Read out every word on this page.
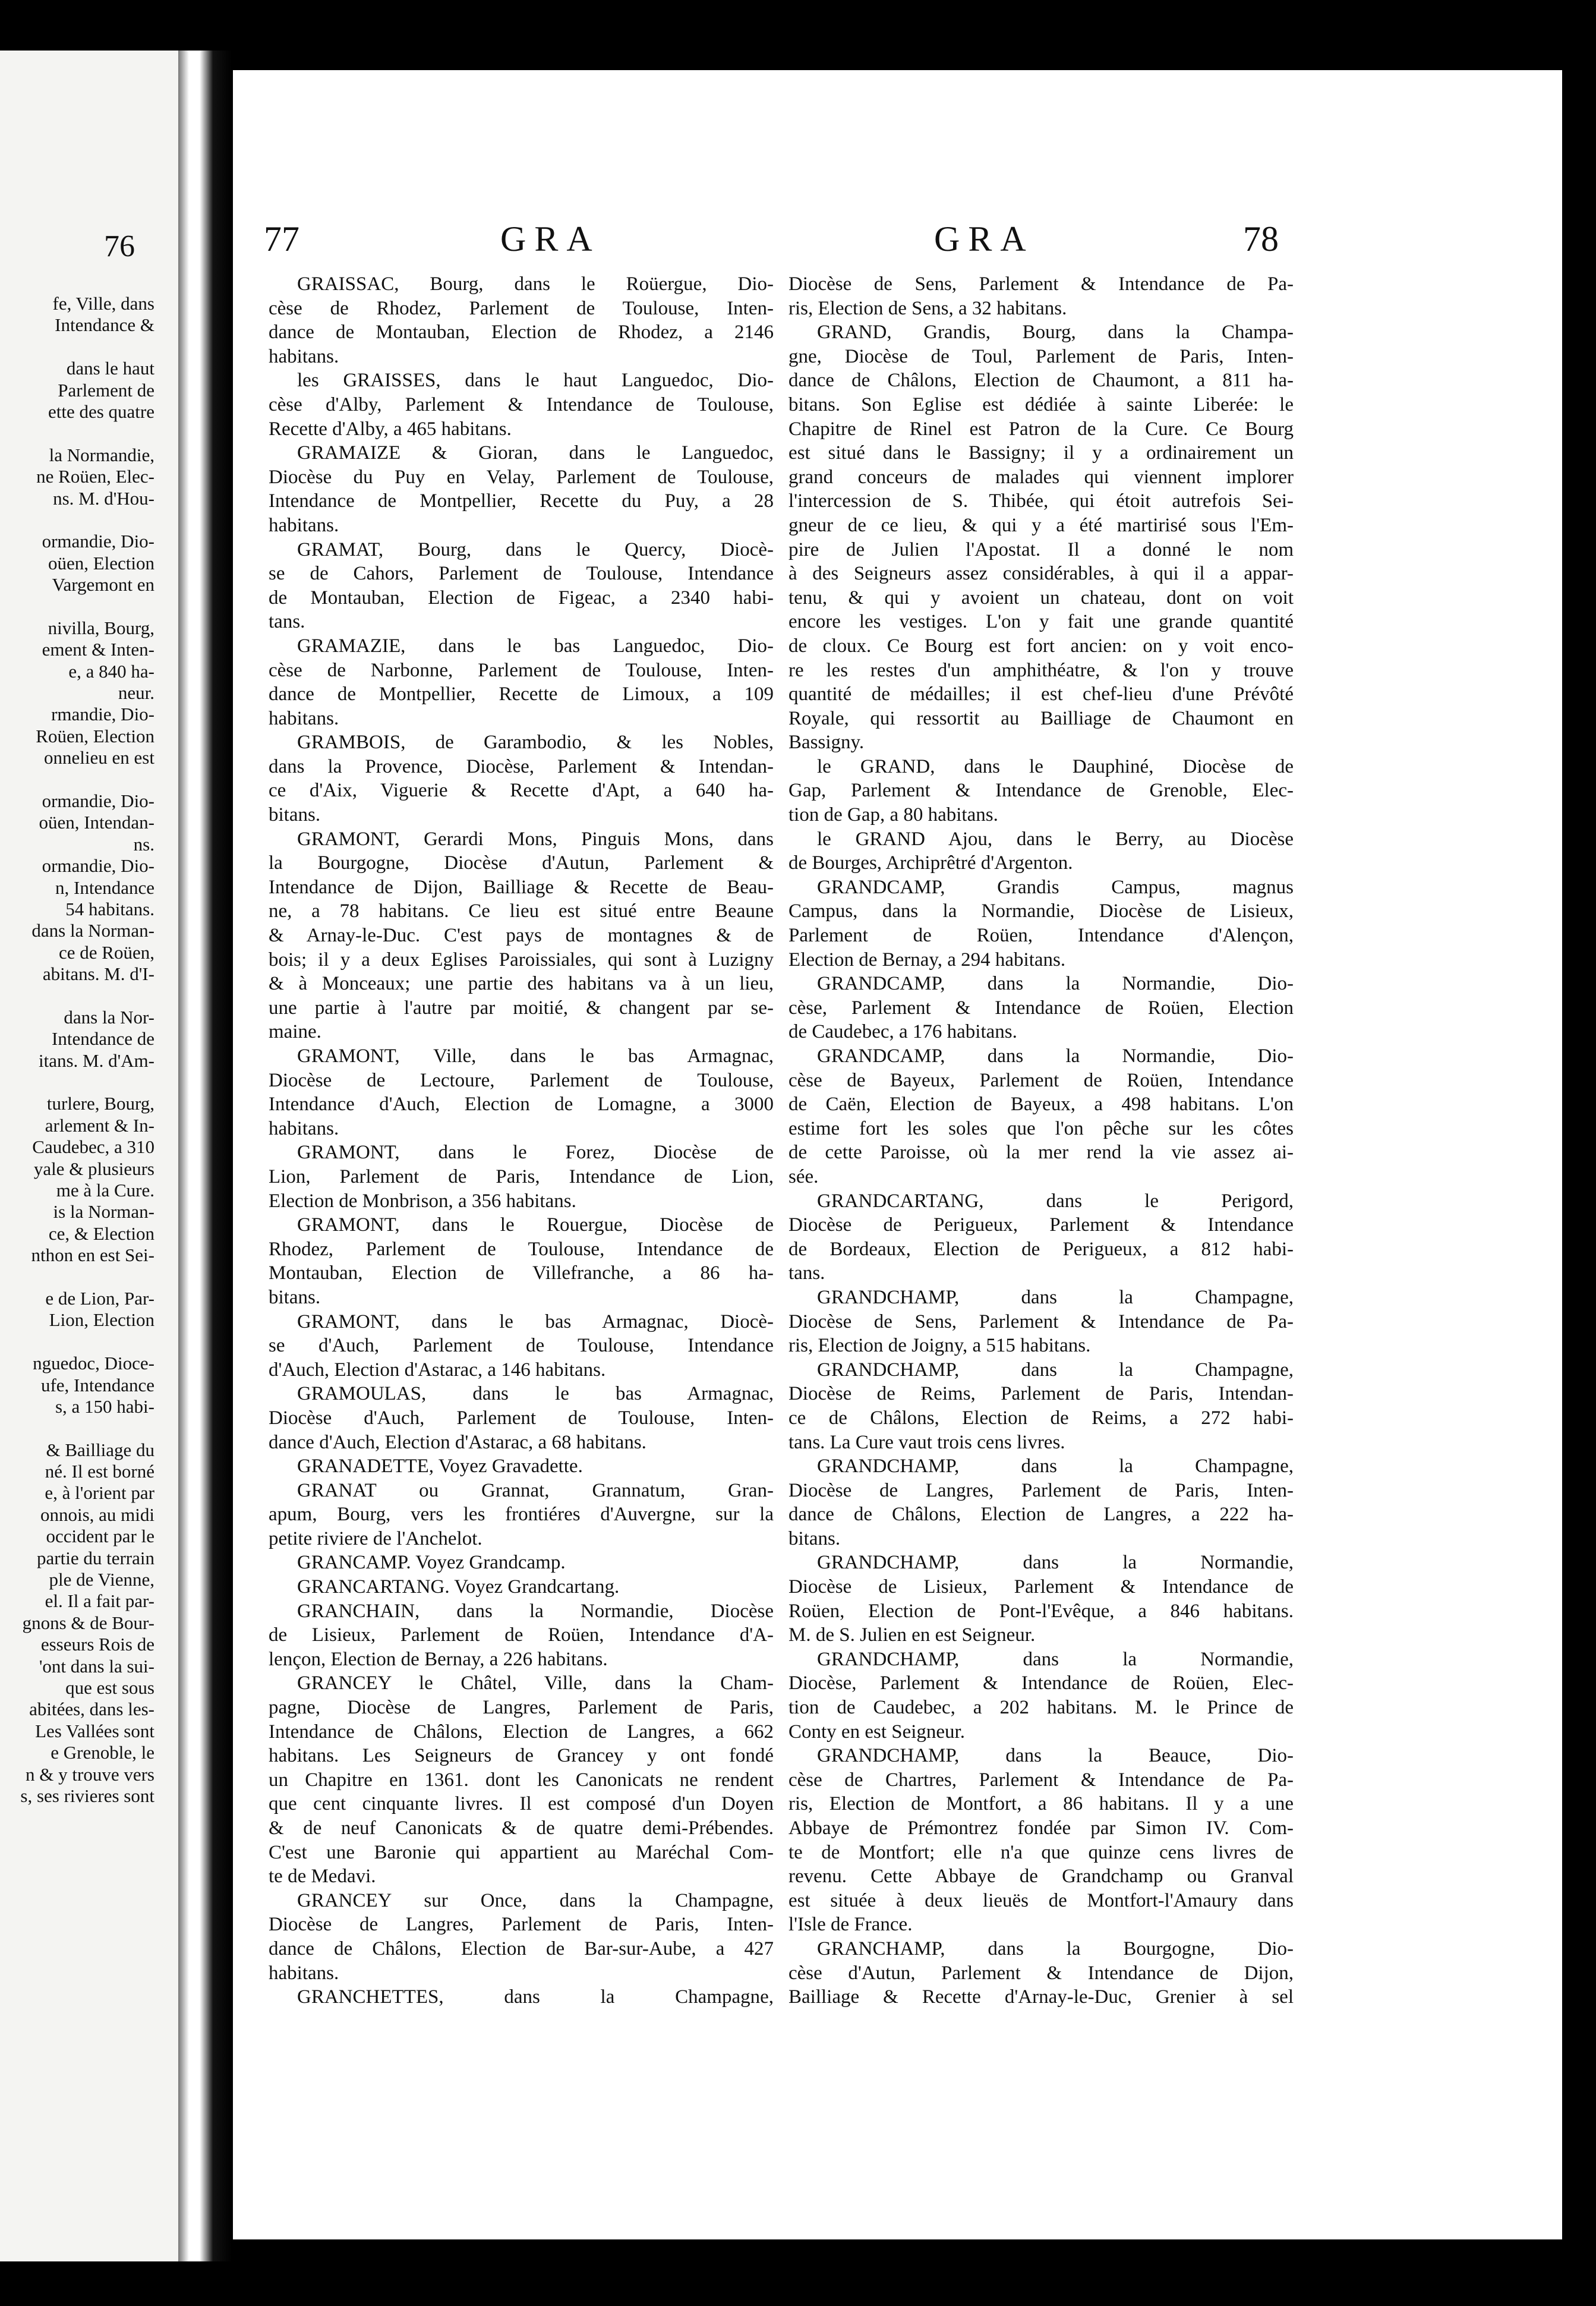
76
fe, Ville, dans
Intendance &
dans le haut
Parlement de
ette des quatre
la Normandie,
ne Roüen, Elec-
ns. M. d'Hou-
ormandie, Dio-
oüen, Election
Vargemont en
nivilla, Bourg,
ement & Inten-
e, a 840 ha-
neur.
rmandie, Dio-
Roüen, Election
onnelieu en est
ormandie, Dio-
oüen, Intendan-
ns.
ormandie, Dio-
n, Intendance
54 habitans.
dans la Norman-
ce de Roüen,
abitans. M. d'I-
dans la Nor-
Intendance de
itans. M. d'Am-
turlere, Bourg,
arlement & In-
Caudebec, a 310
yale & plusieurs
me à la Cure.
is la Norman-
ce, & Election
nthon en est Sei-
e de Lion, Par-
Lion, Election
nguedoc, Dioce-
ufe, Intendance
s, a 150 habi-
& Bailliage du
né. Il est borné
e, à l'orient par
onnois, au midi
occident par le
partie du terrain
ple de Vienne,
el. Il a fait par-
gnons & de Bour-
esseurs Rois de
'ont dans la sui-
que est sous
abitées, dans les-
Les Vallées sont
e Grenoble, le
n & y trouve vers
s, ses rivieres sont
77	GRA	GRA	78
GRAISSAC, Bourg, dans le Roüergue, Dio-
cèse de Rhodez, Parlement de Toulouse, Inten-
dance de Montauban, Election de Rhodez, a 2146
habitans.
les GRAISSES, dans le haut Languedoc, Dio-
cèse d'Alby, Parlement & Intendance de Toulouse,
Recette d'Alby, a 465 habitans.
GRAMAIZE & Gioran, dans le Languedoc,
Diocèse du Puy en Velay, Parlement de Toulouse,
Intendance de Montpellier, Recette du Puy, a 28
habitans.
GRAMAT, Bourg, dans le Quercy, Diocè-
se de Cahors, Parlement de Toulouse, Intendance
de Montauban, Election de Figeac, a 2340 habi-
tans.
GRAMAZIE, dans le bas Languedoc, Dio-
cèse de Narbonne, Parlement de Toulouse, Inten-
dance de Montpellier, Recette de Limoux, a 109
habitans.
GRAMBOIS, de Garambodio, & les Nobles,
dans la Provence, Diocèse, Parlement & Intendan-
ce d'Aix, Viguerie & Recette d'Apt, a 640 ha-
bitans.
GRAMONT, Gerardi Mons, Pinguis Mons, dans
la Bourgogne, Diocèse d'Autun, Parlement &
Intendance de Dijon, Bailliage & Recette de Beau-
ne, a 78 habitans. Ce lieu est situé entre Beaune
& Arnay-le-Duc. C'est pays de montagnes & de
bois; il y a deux Eglises Paroissiales, qui sont à Luzigny
& à Monceaux; une partie des habitans va à un lieu,
une partie à l'autre par moitié, & changent par se-
maine.
GRAMONT, Ville, dans le bas Armagnac,
Diocèse de Lectoure, Parlement de Toulouse,
Intendance d'Auch, Election de Lomagne, a 3000
habitans.
GRAMONT, dans le Forez, Diocèse de
Lion, Parlement de Paris, Intendance de Lion,
Election de Monbrison, a 356 habitans.
GRAMONT, dans le Rouergue, Diocèse de
Rhodez, Parlement de Toulouse, Intendance de
Montauban, Election de Villefranche, a 86 ha-
bitans.
GRAMONT, dans le bas Armagnac, Diocè-
se d'Auch, Parlement de Toulouse, Intendance
d'Auch, Election d'Astarac, a 146 habitans.
GRAMOULAS, dans le bas Armagnac,
Diocèse d'Auch, Parlement de Toulouse, Inten-
dance d'Auch, Election d'Astarac, a 68 habitans.
GRANADETTE, Voyez Gravadette.
GRANAT ou Grannat, Grannatum, Gran-
apum, Bourg, vers les frontiéres d'Auvergne, sur la
petite riviere de l'Anchelot.
GRANCAMP. Voyez Grandcamp.
GRANCARTANG. Voyez Grandcartang.
GRANCHAIN, dans la Normandie, Diocèse
de Lisieux, Parlement de Roüen, Intendance d'A-
lençon, Election de Bernay, a 226 habitans.
GRANCEY le Châtel, Ville, dans la Cham-
pagne, Diocèse de Langres, Parlement de Paris,
Intendance de Châlons, Election de Langres, a 662
habitans. Les Seigneurs de Grancey y ont fondé
un Chapitre en 1361. dont les Canonicats ne rendent
que cent cinquante livres. Il est composé d'un Doyen
& de neuf Canonicats & de quatre demi-Prébendes.
C'est une Baronie qui appartient au Maréchal Com-
te de Medavi.
GRANCEY sur Once, dans la Champagne,
Diocèse de Langres, Parlement de Paris, Inten-
dance de Châlons, Election de Bar-sur-Aube, a 427
habitans.
GRANCHETTES, dans la Champagne,
Diocèse de Sens, Parlement & Intendance de Pa-
ris, Election de Sens, a 32 habitans.
GRAND, Grandis, Bourg, dans la Champa-
gne, Diocèse de Toul, Parlement de Paris, Inten-
dance de Châlons, Election de Chaumont, a 811 ha-
bitans. Son Eglise est dédiée à sainte Liberée: le
Chapitre de Rinel est Patron de la Cure. Ce Bourg
est situé dans le Bassigny; il y a ordinairement un
grand conceurs de malades qui viennent implorer
l'intercession de S. Thibée, qui étoit autrefois Sei-
gneur de ce lieu, & qui y a été martirisé sous l'Em-
pire de Julien l'Apostat. Il a donné le nom
à des Seigneurs assez considérables, à qui il a appar-
tenu, & qui y avoient un chateau, dont on voit
encore les vestiges. L'on y fait une grande quantité
de cloux. Ce Bourg est fort ancien: on y voit enco-
re les restes d'un amphithéatre, & l'on y trouve
quantité de médailles; il est chef-lieu d'une Prévôté
Royale, qui ressortit au Bailliage de Chaumont en
Bassigny.
le GRAND, dans le Dauphiné, Diocèse de
Gap, Parlement & Intendance de Grenoble, Elec-
tion de Gap, a 80 habitans.
le GRAND Ajou, dans le Berry, au Diocèse
de Bourges, Archiprêtré d'Argenton.
GRANDCAMP, Grandis Campus, magnus
Campus, dans la Normandie, Diocèse de Lisieux,
Parlement de Roüen, Intendance d'Alençon,
Election de Bernay, a 294 habitans.
GRANDCAMP, dans la Normandie, Dio-
cèse, Parlement & Intendance de Roüen, Election
de Caudebec, a 176 habitans.
GRANDCAMP, dans la Normandie, Dio-
cèse de Bayeux, Parlement de Roüen, Intendance
de Caën, Election de Bayeux, a 498 habitans. L'on
estime fort les soles que l'on pêche sur les côtes
de cette Paroisse, où la mer rend la vie assez ai-
sée.
GRANDCARTANG, dans le Perigord,
Diocèse de Perigueux, Parlement & Intendance
de Bordeaux, Election de Perigueux, a 812 habi-
tans.
GRANDCHAMP, dans la Champagne,
Diocèse de Sens, Parlement & Intendance de Pa-
ris, Election de Joigny, a 515 habitans.
GRANDCHAMP, dans la Champagne,
Diocèse de Reims, Parlement de Paris, Intendan-
ce de Châlons, Election de Reims, a 272 habi-
tans. La Cure vaut trois cens livres.
GRANDCHAMP, dans la Champagne,
Diocèse de Langres, Parlement de Paris, Inten-
dance de Châlons, Election de Langres, a 222 ha-
bitans.
GRANDCHAMP, dans la Normandie,
Diocèse de Lisieux, Parlement & Intendance de
Roüen, Election de Pont-l'Evêque, a 846 habitans.
M. de S. Julien en est Seigneur.
GRANDCHAMP, dans la Normandie,
Diocèse, Parlement & Intendance de Roüen, Elec-
tion de Caudebec, a 202 habitans. M. le Prince de
Conty en est Seigneur.
GRANDCHAMP, dans la Beauce, Dio-
cèse de Chartres, Parlement & Intendance de Pa-
ris, Election de Montfort, a 86 habitans. Il y a une
Abbaye de Prémontrez fondée par Simon IV. Com-
te de Montfort; elle n'a que quinze cens livres de
revenu. Cette Abbaye de Grandchamp ou Granval
est située à deux lieuës de Montfort-l'Amaury dans
l'Isle de France.
GRANCHAMP, dans la Bourgogne, Dio-
cèse d'Autun, Parlement & Intendance de Dijon,
Bailliage & Recette d'Arnay-le-Duc, Grenier à sel
